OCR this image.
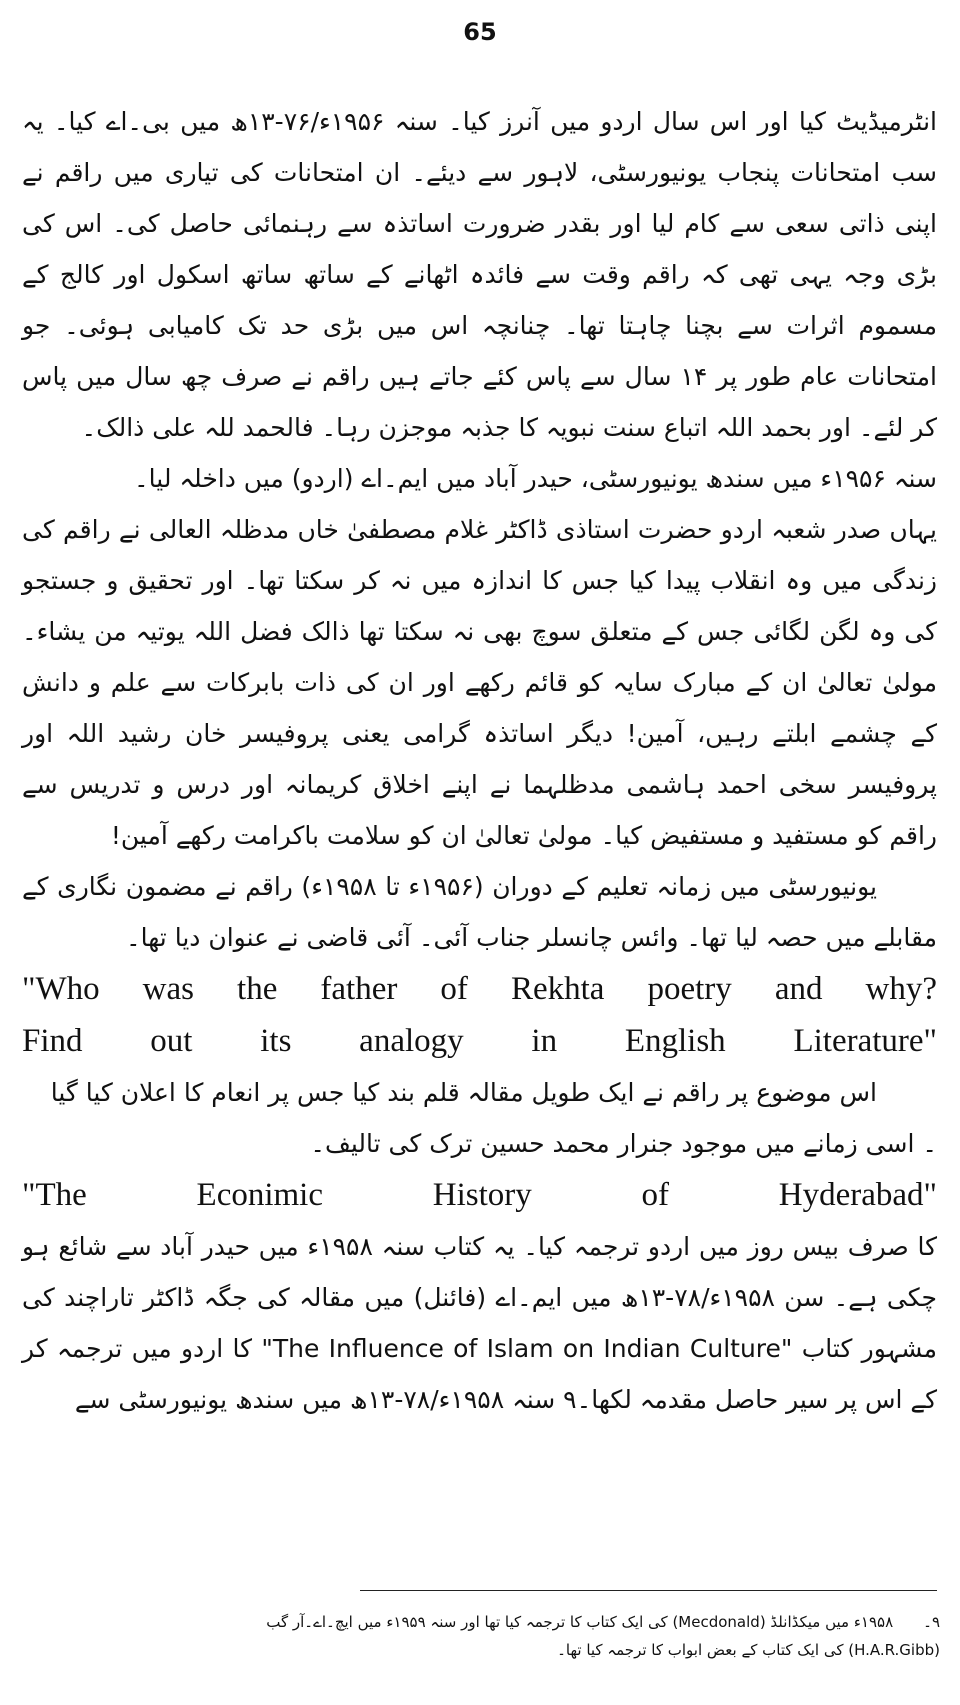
65

انٹرمیڈیٹ کیا اور اس سال اردو میں آنرز کیا۔ سنہ ۱۹۵۶ء/۷۶-۱۳ھ میں بی۔اے کیا۔ یہ سب امتحانات پنجاب یونیورسٹی، لاہور سے دیئے۔ ان امتحانات کی تیاری میں راقم نے اپنی ذاتی سعی سے کام لیا اور بقدر ضرورت اساتذہ سے رہنمائی حاصل کی۔ اس کی بڑی وجہ یہی تھی کہ راقم وقت سے فائدہ اٹھانے کے ساتھ ساتھ اسکول اور کالج کے مسموم اثرات سے بچنا چاہتا تھا۔ چنانچہ اس میں بڑی حد تک کامیابی ہوئی۔ جو امتحانات عام طور پر ۱۴ سال سے پاس کئے جاتے ہیں راقم نے صرف چھ سال میں پاس کر لئے۔ اور بحمد اللہ اتباع سنت نبویہ کا جذبہ موجزن رہا۔ فالحمد للہ علی ذالک۔

سنہ ۱۹۵۶ء میں سندھ یونیورسٹی، حیدر آباد میں ایم۔اے (اردو) میں داخلہ لیا۔

یہاں صدر شعبہ اردو حضرت استاذی ڈاکٹر غلام مصطفیٰ خاں مدظلہ العالی نے راقم کی زندگی میں وہ انقلاب پیدا کیا جس کا اندازہ میں نہ کر سکتا تھا۔ اور تحقیق و جستجو کی وہ لگن لگائی جس کے متعلق سوچ بھی نہ سکتا تھا ذالک فضل اللہ یوتیہ من یشاء۔ مولیٰ تعالیٰ ان کے مبارک سایہ کو قائم رکھے اور ان کی ذات بابرکات سے علم و دانش کے چشمے ابلتے رہیں، آمین! دیگر اساتذہ گرامی یعنی پروفیسر خان رشید اللہ اور پروفیسر سخی احمد ہاشمی مدظلہما نے اپنے اخلاق کریمانہ اور درس و تدریس سے راقم کو مستفید و مستفیض کیا۔ مولیٰ تعالیٰ ان کو سلامت باکرامت رکھے آمین!

یونیورسٹی میں زمانہ تعلیم کے دوران (۱۹۵۶ء تا ۱۹۵۸ء) راقم نے مضمون نگاری کے مقابلے میں حصہ لیا تھا۔ وائس چانسلر جناب آئی۔ آئی قاضی نے عنوان دیا تھا۔

"Who was the father of Rekhta poetry and why?

Find out its analogy in English Literature"

اس موضوع پر راقم نے ایک طویل مقالہ قلم بند کیا جس پر انعام کا اعلان کیا گیا

۔ اسی زمانے میں موجود جنرار محمد حسین ترک کی تالیف۔

"The Econimic History of Hyderabad"

کا صرف بیس روز میں اردو ترجمہ کیا۔ یہ کتاب سنہ ۱۹۵۸ء میں حیدر آباد سے شائع ہو چکی ہے۔ سن ۱۹۵۸ء/۷۸-۱۳ھ میں ایم۔اے (فائنل) میں مقالہ کی جگہ ڈاکٹر تاراچند کی مشہور کتاب "The Influence of Islam on Indian Culture" کا اردو میں ترجمہ کر کے اس پر سیر حاصل مقدمہ لکھا۔۹ سنہ ۱۹۵۸ء/۷۸-۱۳ھ میں سندھ یونیورسٹی سے

۹۔۱۹۵۸ء میں میکڈانلڈ (Mecdonald) کی ایک کتاب کا ترجمہ کیا تھا اور سنہ ۱۹۵۹ء میں ایچ۔اے۔آر گب
(H.A.R.Gibb) کی ایک کتاب کے بعض ابواب کا ترجمہ کیا تھا۔
